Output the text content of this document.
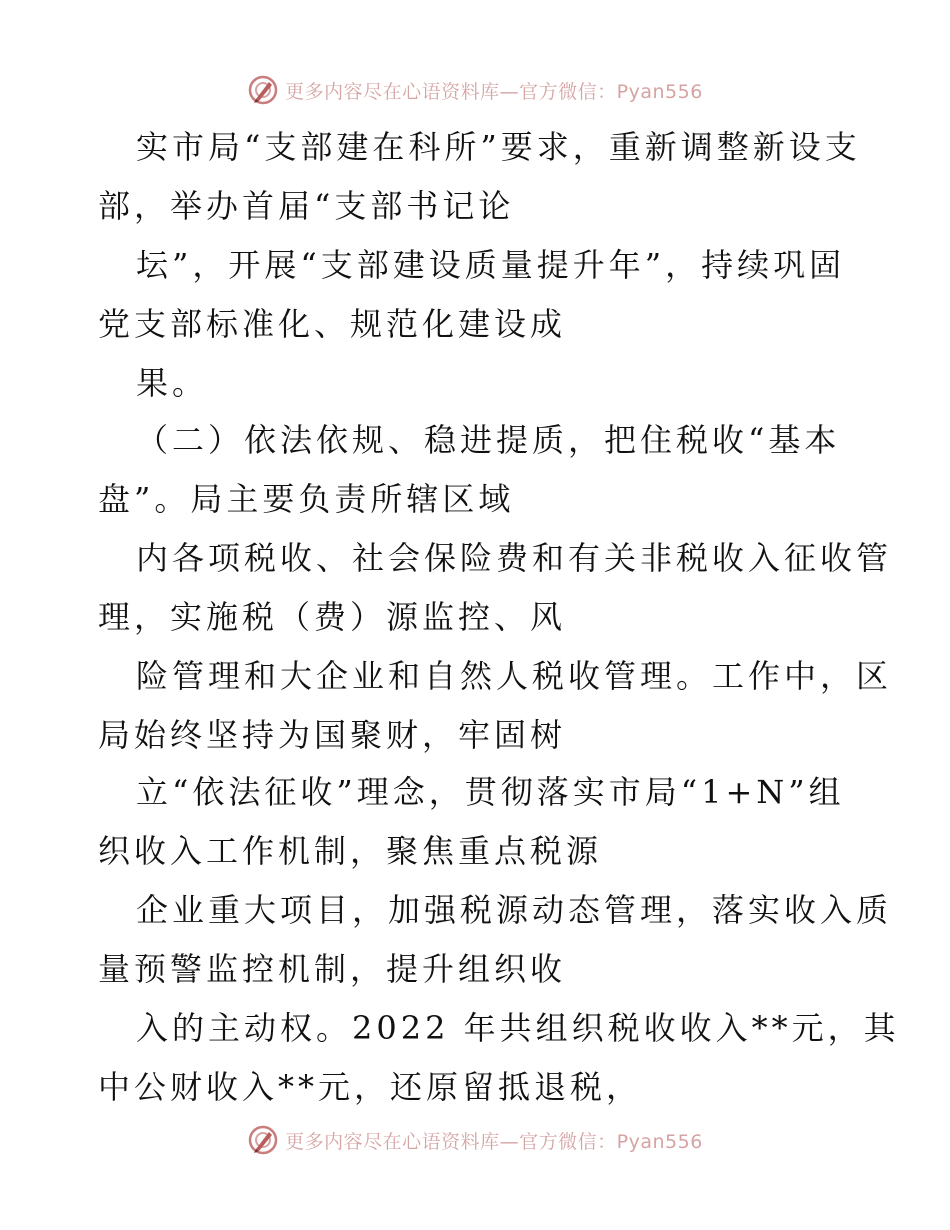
更多内容尽在心语资料库—官方微信：Pyan556
实市局“支部建在科所”要求，重新调整新设支
部，举办首届“支部书记论
坛”，开展“支部建设质量提升年”，持续巩固
党支部标准化、规范化建设成
果。
（二）依法依规、稳进提质，把住税收“基本
盘”。局主要负责所辖区域
内各项税收、社会保险费和有关非税收入征收管
理，实施税（费）源监控、风
险管理和大企业和自然人税收管理。工作中，区
局始终坚持为国聚财，牢固树
立“依法征收”理念，贯彻落实市局“1+N”组
织收入工作机制，聚焦重点税源
企业重大项目，加强税源动态管理，落实收入质
量预警监控机制，提升组织收
入的主动权。2022 年共组织税收收入**元，其
中公财收入**元，还原留抵退税，
更多内容尽在心语资料库—官方微信：Pyan556
